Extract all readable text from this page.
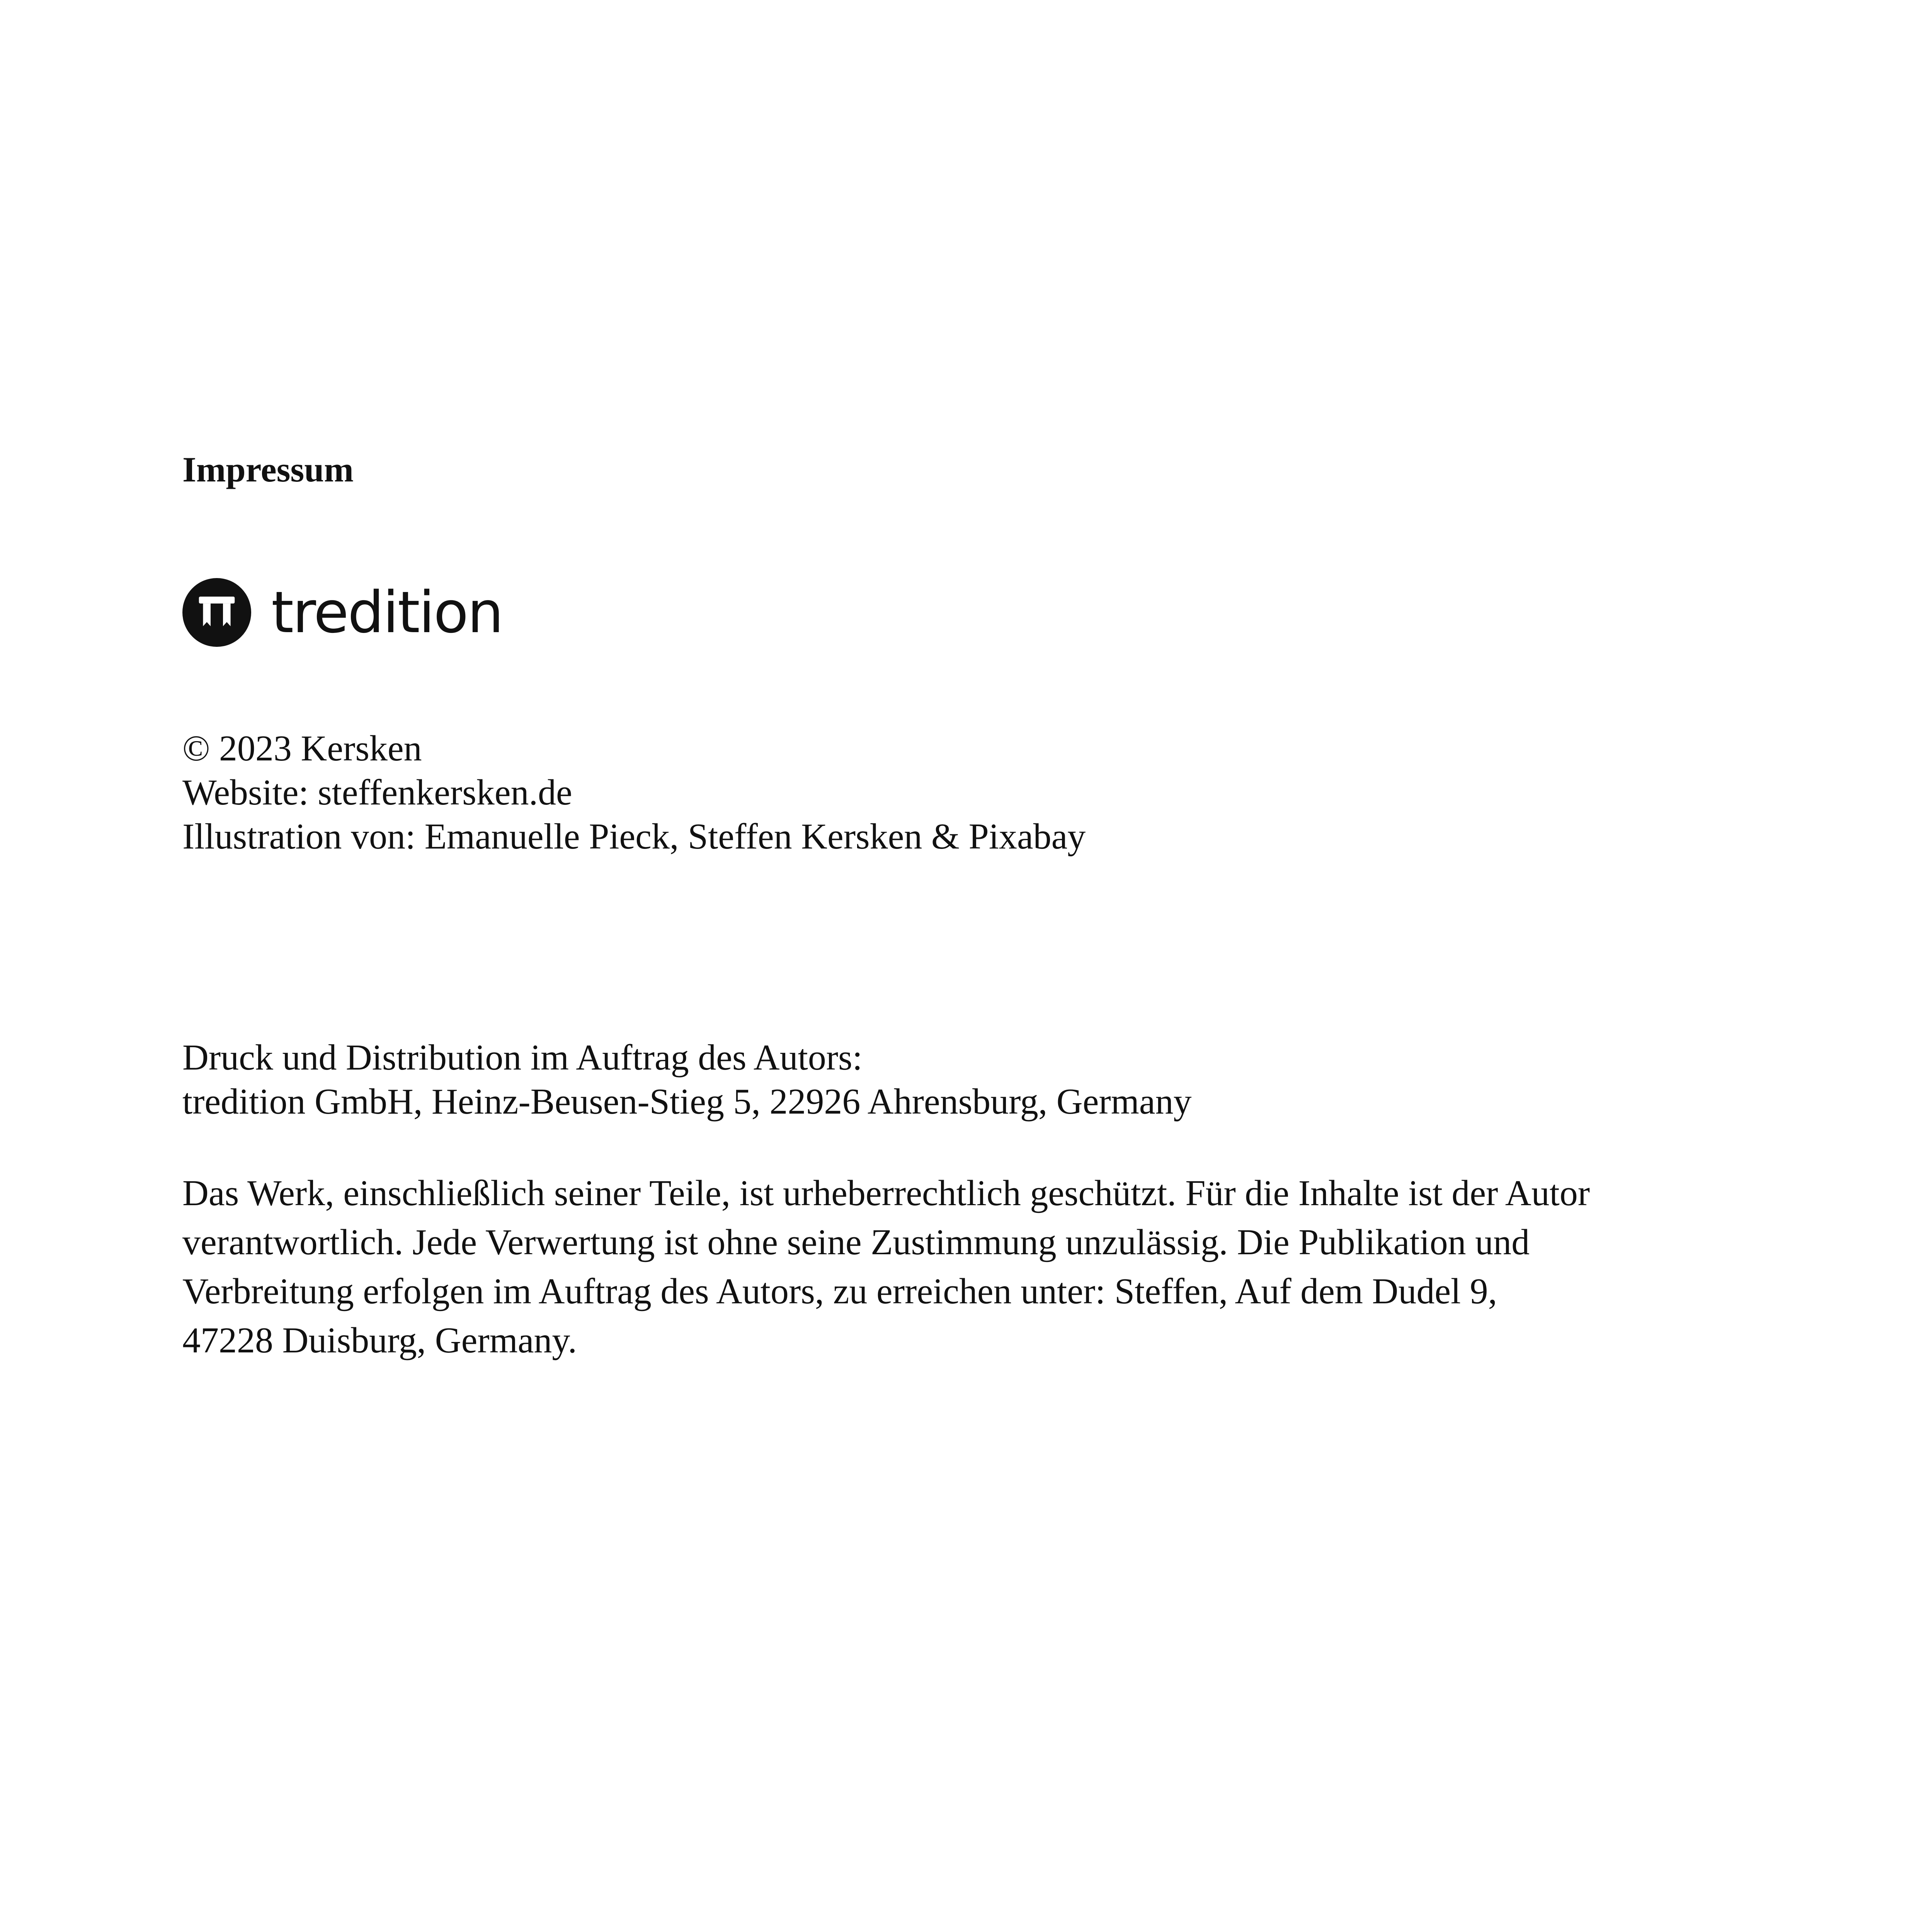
Impressum
tredition

© 2023 Kersken
Website: steffenkersken.de
Illustration von: Emanuelle Pieck, Steffen Kersken & Pixabay

Druck und Distribution im Auftrag des Autors:
tredition GmbH, Heinz-Beusen-Stieg 5, 22926 Ahrensburg, Germany

Das Werk, einschließlich seiner Teile, ist urheberrechtlich geschützt. Für die Inhalte ist der Autor
verantwortlich. Jede Verwertung ist ohne seine Zustimmung unzulässig. Die Publikation und
Verbreitung erfolgen im Auftrag des Autors, zu erreichen unter: Steffen, Auf dem Dudel 9,
47228 Duisburg, Germany.
